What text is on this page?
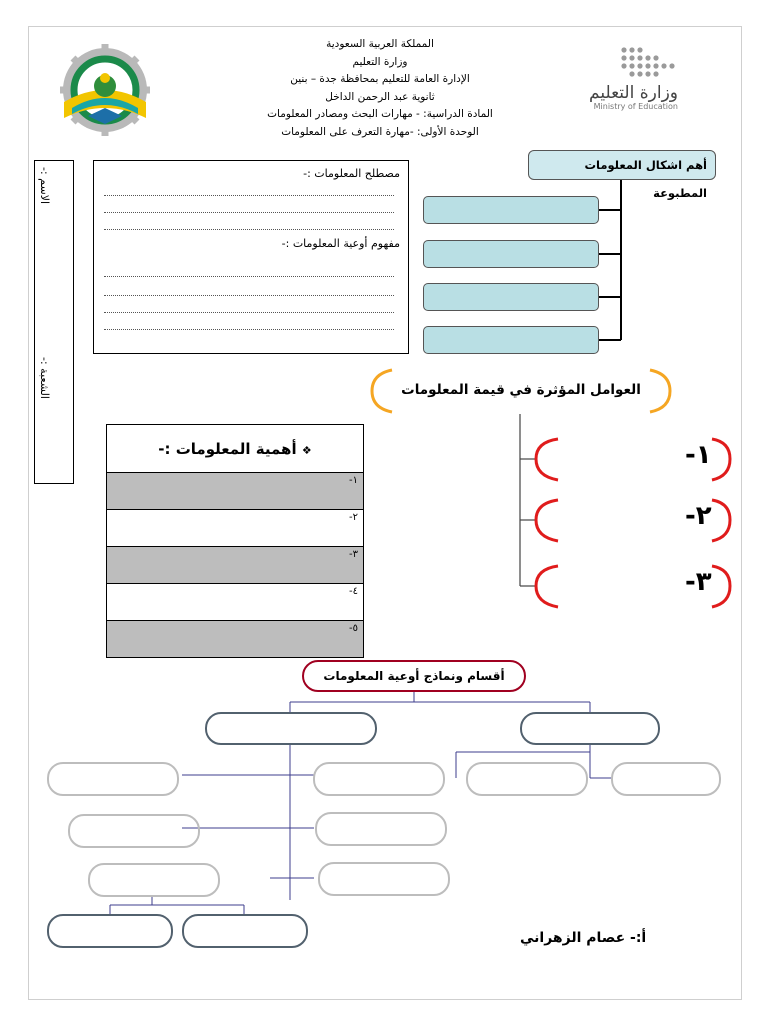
المملكة العربية السعودية
وزارة التعليم
الإدارة العامة للتعليم بمحافظة جدة – بنين
ثانوية عبد الرحمن الداخل
المادة الدراسية: - مهارات البحث ومصادر المعلومات
الوحدة الأولى: -مهارة التعرف على المعلومات
وزارة التعليم
Ministry of Education
الاسم :-
الشعبة :-
مصطلح المعلومات :-
مفهوم أوعية المعلومات :-
أهم اشكال المعلومات المطبوعة
العوامل المؤثرة في قيمة المعلومات
١-
٢-
٣-
❖ أهمية المعلومات :-
١-
٢-
٣-
٤-
٥-
أقسام ونماذج أوعية المعلومات
أ:- عصام الزهراني
